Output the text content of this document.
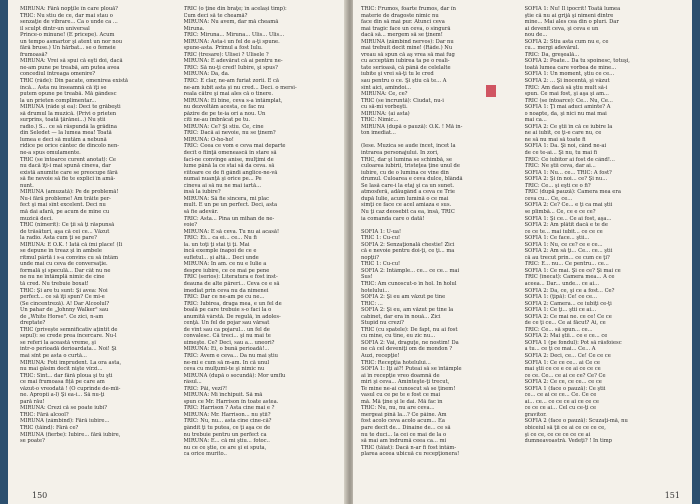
MIRUNA: Fără nopţile în care plouă?
TRIC: Nu stiu de ce, dar mai stau o
senzaţie de vibrare... Ca o unde ca ...
il sculpt dintr-un universal
Prince-o minune! (E pricepe). Acum
un tempo asmartor şi atent un nor nou
fără bruse.) Un hărbat... se o femeie
frumoasă?
MIRUNA: Vrei să spui că eşti doi, dacă
ne-am pune pe treabă, am putea avea
concediul întreaga omenire?
TRIC (râde): Din pacate, omenirea există
încă... Asta nu înseamnă că îţi se
putem opune pe treabă. Mă gândesc
la un prieten complimentar...
MIRUNA (râde şi ea): Deci te grăbeşti
să drumul la muzică. (Privi o prieten
surprins, toată ţărănei...) Nu știi
radio.) S... ce să răspundă la grădina
din Seledet — la lumea mea! Toată
lumea e deci să mutăm a nebună
ridice pe orice cântec de dincolo nen-
ne-a spus omulamente.
TRIC (se întoarce curent anotat): Ce
nu dacă îţi-i mai spună cineva, dar
există anumite care se preocupe fără
să fie nevoie să fie te explici în amă-
nunt.
MIRUNA (amuzată): Pe de problemă!
Nu-i fără probleme! Am trăite per-
fect şi mai sînt excelent. Deci nu
mă dai afară, pe acum de mine cu
muzică deci.
TRIC (nimerit): Ce ţii să ţi răspunsă
de trăsături, aşa că cei ce... Văzut
la radio. Asta cum ţi se pare?
MIRUNA: E O.K. ! Iată că îmi place! (Ii
se depune în treaz şi în ambele
ritmul pârtă i s-a convins cu să întâm
unde mai cu ceva de conversaţie.
formală şi speculă... Dar cât nu ne
ne nu ne întâmplă nimic de cine
tă cred. Nu trebuie boxat!
TRIC: Şi are tu sunt: Şi avea: Noi
perfect... ce să îţi spun? Ce mi-e
(Se cincentreză). A! Dar Alcoolul?
Un pahar de „Johnny Walker" sau
de „White Horse". Ce zici, n-am
dreptate?
TRIC (privește semnificativ ațintit de
sepul): se crede prea încercare. Nu-l
se referi la această vreme, şi
intr-o perioadă derioardata... Noi! Şi
mai sînt pe asta o curtă...
MIRUNA: Foti imprudent. La ora asta,
nu mai găsim decît nişte vîrzi...
TRIC: Sînt... dar fără ploua şi tu şti
ce mai frumoasa fiță pe care am
văzut-o vreodată ! (O cuprinde de-mîi-
ne. Apropii a-l) Şi ea-i... Să nu-ţi
pară rău!
MIRUNA: Crezi că se poate iubi?
TRIC: Fără alcool?
MIRUNA (zâmbind): Fără iubire...
TRIC (tăind): Fără ce?
MIRUNA (fierbe): Iubire... fără iubire,
se poate?
TRIC (o ţine din braţe; în același timp):
Cum deci să te cheamă?
MIRUNA: Nu avem, dar mă cheamă
Miruna.
TRIC: Miruna... Miruna... Ulis... Ulis...
MIRUNA: Asta-i un fel de a-ţi spune.
spune-asta. Primul a fost Iulu.
TRIC (tresare): Ulisei ? Ulisele ?
MIRUNA: E adevărat că ai pentru ne-
TRIC: Să nu-ţi cred! Iubire, şi spus?
MIRUNA: Da, da.
TRIC: E clar, ne-am furiat zorii. E că
ne-am iubit asta și nu cred... Deci. o mersi-
reala către şi mai ales că o tinere.
MIRUNA: Ei bine, ceva s-a întâmplat,
nu dezvoltăm acesta, ce fac nu
păzire de pe te-ia ori a nou. Un
citi ne-au îmbrăcat pe tu.
MIRUNA: Ce? Şi stiu. Ce, cine
TRIC: Dacă ai nevoie, nu se ţinem?
MIRUNA: O-ho-ho!
TRIC: Ceea ce vom e ceva mai departe
decît o fiinţă omenească în stare să
faci-ne convinge anise, mulţimi de
lume până la ce stai să da ceva. să
viitoare ce de fi gândi anglice-ne-vă
numai nuanţă şi orice pe... Pe
cineva ai să nu ne mai iartă...
însă la iubire?
MIRUNA: Să fie sincera, mi plac
mult. E un pe un perfect. Deci, asta
să fie adevăr.
TRIC: Asta... Pina un mihan de ne-
voie?
MIRUNA: E să ceva. Tu nu ai acasă!
TRIC: Ei... ca ei... ce... Nu fi
la. un toţi ţi stai ţi ţi. Mai
incă exemple înapoi de ce e
sufletul... și altă... Deci unde
MIRUNA: În am. ce nu e Iulie a
despre iubire, ce ce mai pe pene
TRIC (serios): Literatura e fost inst-
deauna de alte păreri... Ceva ce e să
imediat prin ceva nu da nimenei
TRIC: Dar ce ne-am pe cu ne...
TRIC: Iubirea, draga mea, e un fel de
boală pe care trebuie s-o faci la o
anumită vârstă. De regulă, în adoles-
cenţă. Un fel de pojar sau vărsat
de vînt sau ca pojarul... un fel de
convalesc. Că treci... şi nu mai te
uimeşte. Ce? Deci, sau a... uneori?
MIRUNA: Ei, o bună perioadă!...
TRIC: Avem e ceva... Da nu mai știu
ne-mi e cum să m-am. În că unul
ceva cu mulţumi-te şi nimic nu
MIRUNA (după o secundă): Mor umflu
râsul...
TRIC: Păi, vezi?!
MIRUNA: Mi închipuit. Să mă
spun ce Mr. Harrison în toate astea.
TRIC: Harrison ? Asta cine mai e ?
MIRUNA: Mr. Harrison... nu știi?
TRIC: Nu, nu... asta cine cine-că?
gândit ţi tu putea, ce ţi aşa ce de
nu trebuie pentru un perfect ca
MIRUNA: E... că mi ştiu... fotoc..
nu ce ce ştie, ce are şi ei sputa,
ca orice murito..
150
TRIC: Frumos, foarte frumos, dar în
materie de dragoste nimic nu
face din să mai pur. Atunci ceva
mai tragic face un ceva, o singură
dacă să... mergem să se ţinem!
MIRUNA (zâmbind nervos): Dar nu
mai trebuit decît mine! (Râde.) Nu
vreau să spun că aş vrea să mai fug
cu acceptăm iubirea ta pe o reali-
tate serioasă, că până de celelalte
iubite şi vrei să-ţi tu le cred
sau pentru o ce. Şi ştiu că te... A
sînt aici, amîndoi...
MIRUNA: Ce, ce?
TRIC (se încruntă): Ciudat, nu-i
cu să-mi vorbeşti.
MIRUNA: (ai asta)
TRIC: Nimic...
MIRUNA (după o pauză): O.K. ! Mă in-
ton imediat...

(Iese. Muzica se aude încet, încet la
intrarea personajului. În zori,
TRIC, dar şi lumina se schimbă, se
culoarea iubirii, tristeţea ţine unul de
iubire, cu de o lumina ce vine din
drumul. Culoarea e ceva dulce, blândă
Se lasă care-i la etaj şi ca un sunet.
atmosferă, adăugând a ceva ce Trie
după Iulie, acum lumină o ce mai
simţi ce face ce acel amiaza e sus.
Nu ţi caz deosebit ca ea, însă, TRIC
ia comanda care o dată!

SOFIA 1: U-ua!
TRIC 1: Cu-cu!
SOFIA 2: Senzaţională chestie! Zici
că e nevoie pentru doi-ţi, ce ţi... ma
nopţii?
TRIC 1: Cu-cu!
SOFIA 2: Întâmple... ce... ce ce... mai
Sus!
TRIC: Am cunoscut-o în hol. În holul
hotelului...
SOFIA 2: Şi eu am văzut pe tine
TRIC: ...
SOFIA 2: Şi eu, am văzut pe tine la
cabinet, dar era în nouă... Zici
Stupid nu crezi?
TRIC (cu spatele): De fapt, nu ai fost
cu mine, cu tine, eu zic nu...
SOFIA 2: Vai, draguţe, ne nostim! Da
ne că cel deveniţi om de mondon ?
Auzi, recepţie!
TRIC: Recepţia hotelului...
SOFIA 1: Îţi ai?! Puteai să se întâmple
ai în recepţie vreo doamnă de
miri şi ceva... Aminteşte-ţi trecut,
Te mine ne-ai cunoscut să se ţinem!
vasul cu ce pe te e fost ce mai
mă. Mă ţine şi le dai. Mă fac în
TRIC: Nu, nu, nu are ceva...
mergeai pînă la...? Ce pâine. Am
fost acolo ceva acolo acum... Ea
pare decît de... Dinaine de... ce să
nu te duci... la cei ce mai de la o
să mai am îndrumă ceea ca... mi
TRIC (tăiat): Dacă n-ar fi fost întâm-
plarea aceea ubicuă cu recepţionera!
SOFIA 1: Nu! Il ipocrit! Toată lumea
ştie că nu ai grijă şi nimeni dintre
mine... Mai ales cea din o pluri. Dar
ai devenit ceva, şi ceva e un
nou de...
SOFIA 2: Stiu asta cum nu e, ce
cu... mergi adevărul.
TRIC: Da, greşeală...
SOFIA 2: Poate... Da tu spoinesc, totuşi,
toată lumea care vorbea de mine...
SOFIA 1: Un moment, ştiu ce ce...
SOFIA 2: ... Şi inocentă, şi văzut
TRIC: Am dacă să ştiu mult să-i
spun. Ce mai fost, şi aşa şi am...
TRIC (se întoarce): Ce... Nu, Ce...
SOFIA 1: Ţi mai aduci aminte? A
o noapte, da, şi nici nu mai mai
mai ca...
SOFIA 2: Ce ştii în că ce iubire la
ne ai iubit, ce ţi-e care nu, ce
ne să nu mai să toate fi
SOFIA 1: Da. Şi noi, când ne-ai
de ce te-ai... Şi nu, tu mai fi
TRIC: Ce iubitor ai fost de când!...
TRIC: Ne ştii ceva, dar ai...
SOFIA 1: Nu... ce... TRIC: A fost?
SOFIA 2: Şi în noi... ce? Şi nu...
TRIC: Ce... şi eşti ce o fi?
TRIC (după pauză): Camera mea era
ceva cu... Ce, ce...
SOFIA 2: Ce? Ce... e ţi ca mai ştii
se plimbă... Ce, ce e ce ce?
SOFIA 1: Şi ce... Ce ai fost, aşa...
SOFIA 2: Am plătit dacă e te de
ce ce te... mai iubit... ce ce ce
SOFIA 1: Ce face... ştii...
SOFIA 1: Nu, ce ce? ce e ce...
SOFIA 2: Am să ţi... Ce... ce... ştii
că au trecut prin... ce cum ce ţi?
TRIC: E... nu... Ce pentru... ce...
SOFIA 1: Ce mai. Şi ce ce? Şi mai ce
TRIC (înecat): Camera mea... A ce
aceea... Dar... unde... ce ai...
SOFIA 2: Da, ce, şi ce a fost... Ce?
SOFIA 1: (ţipă): Ce! ce ce...
SOFIA 2: Camera... ce iubiţi ce-ţi
SOFIA 1: Ce ţi... ştii ce ai...
SOFIA 2: Ce mai ne. ce ce! Ce ce
de ce ţi ce... Ce ai făcut? Ai, ce
TRIC: Ce... să spun... ce...
SOFIA 2: Mai ştii... ce e ce... ce
SOFIA 1 (pe fondul): Pot să răsfoiesc
a tu... ce ţi ce mai... Ce... A
SOFIA 2: Deci, ce... Ce! Ce ce ce
SOFIA 1: Ce ce ce... ai Ce ce
mai ştii ce ce e ce ai ce ce ce
ce ce. Ce... ce ai ce ce? Ce? Ce
SOFIA 2: Ce ce, ce ce... ce ce
SOFIA 1 (face o pauză): Ce ştii
ce... ce ai ce ce... Ce. Ce ce
ai... ce... ce ce ce ai ce ce ce
ce ce ce ai... Cel cu ce-ţi ce
gravitor.
SOFIA 2 (face o pauză): Scuzaţi-mă, nu
obiceiul să ţii ce ai ce ce ce ce,
şi ce ce, ce ce ce ce ce ai
dumneavoastră. Vedeţi? ! În timp
151
